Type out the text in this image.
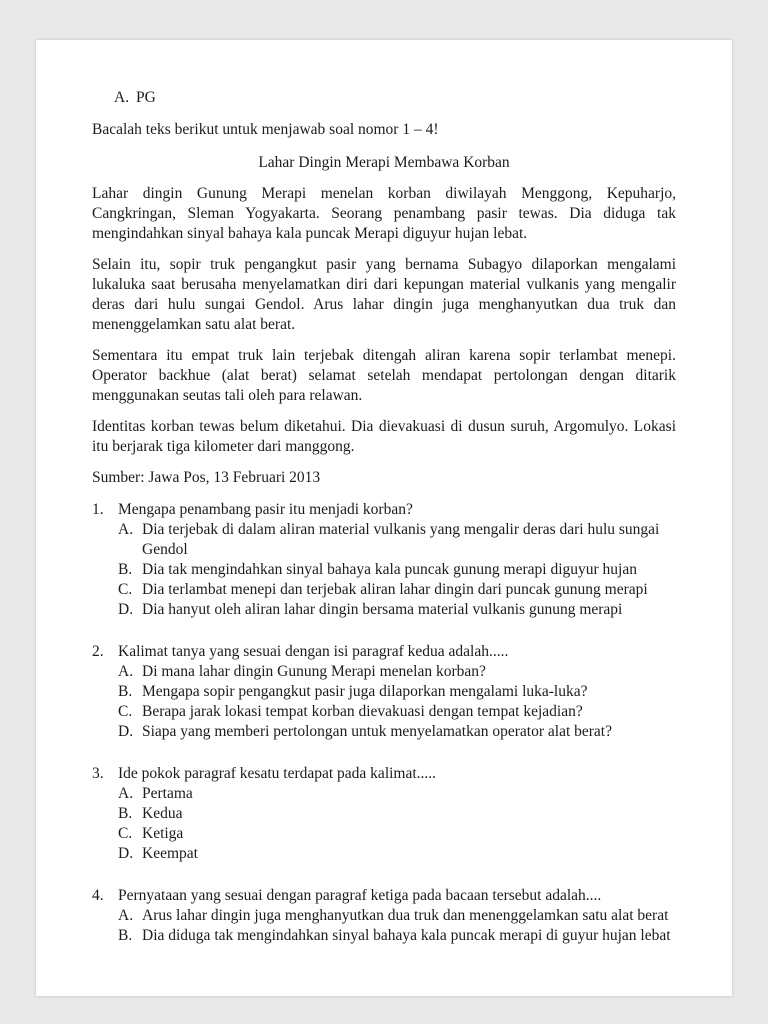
A. PG
Bacalah teks berikut untuk menjawab soal nomor 1 – 4!
Lahar Dingin Merapi Membawa Korban

Lahar dingin Gunung Merapi menelan korban diwilayah Menggong, Kepuharjo, Cangkringan, Sleman Yogyakarta. Seorang penambang pasir tewas. Dia diduga tak mengindahkan sinyal bahaya kala puncak Merapi diguyur hujan lebat.

Selain itu, sopir truk pengangkut pasir yang bernama Subagyo dilaporkan mengalami lukaluka saat berusaha menyelamatkan diri dari kepungan material vulkanis yang mengalir deras dari hulu sungai Gendol. Arus lahar dingin juga menghanyutkan dua truk dan menenggelamkan satu alat berat.

Sementara itu empat truk lain terjebak ditengah aliran karena sopir terlambat menepi. Operator backhue (alat berat) selamat setelah mendapat pertolongan dengan ditarik menggunakan seutas tali oleh para relawan.

Identitas korban tewas belum diketahui. Dia dievakuasi di dusun suruh, Argomulyo. Lokasi itu berjarak tiga kilometer dari manggong.

Sumber: Jawa Pos, 13 Februari 2013
1. Mengapa penambang pasir itu menjadi korban?
A. Dia terjebak di dalam aliran material vulkanis yang mengalir deras dari hulu sungai Gendol
B. Dia tak mengindahkan sinyal bahaya kala puncak gunung merapi diguyur hujan
C. Dia terlambat menepi dan terjebak aliran lahar dingin dari puncak gunung merapi
D. Dia hanyut oleh aliran lahar dingin bersama material vulkanis gunung merapi
2. Kalimat tanya yang sesuai dengan isi paragraf kedua adalah.....
A. Di mana lahar dingin Gunung Merapi menelan korban?
B. Mengapa sopir pengangkut pasir juga dilaporkan mengalami luka-luka?
C. Berapa jarak lokasi tempat korban dievakuasi dengan tempat kejadian?
D. Siapa yang memberi pertolongan untuk menyelamatkan operator alat berat?
3. Ide pokok paragraf kesatu terdapat pada kalimat.....
A. Pertama
B. Kedua
C. Ketiga
D. Keempat
4. Pernyataan yang sesuai dengan paragraf ketiga pada bacaan tersebut adalah....
A. Arus lahar dingin juga menghanyutkan dua truk dan menenggelamkan satu alat berat
B. Dia diduga tak mengindahkan sinyal bahaya kala puncak merapi di guyur hujan lebat
